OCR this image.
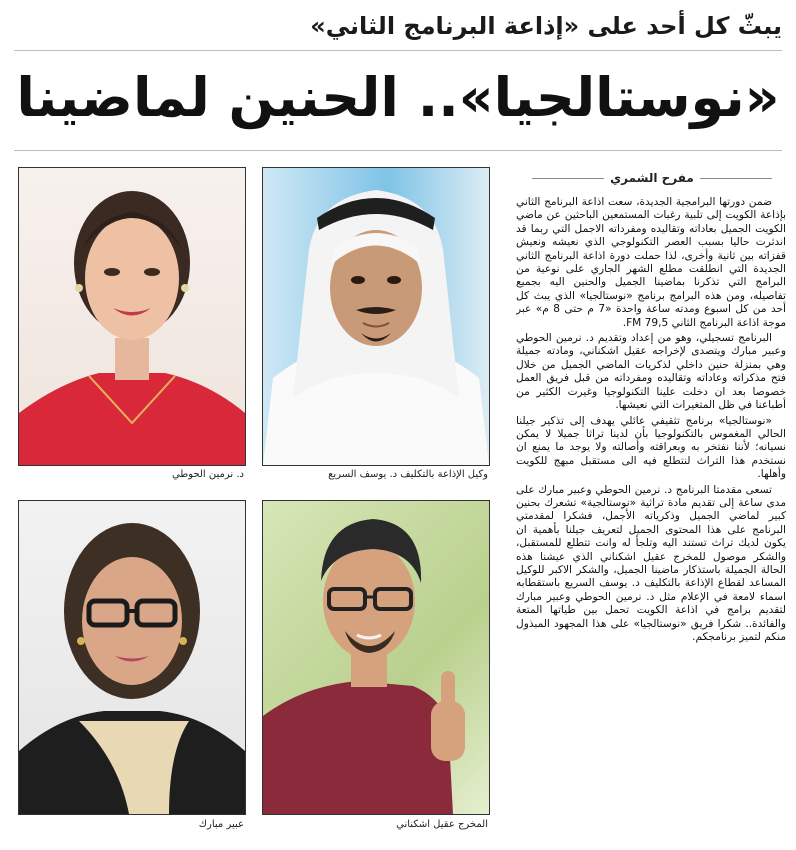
يبثّ كل أحد على «إذاعة البرنامج الثاني»
«نوستالجيا».. الحنين لماضينا
د. نرمين الحوطي	وكيل الإذاعة بالتكليف د. يوسف السريع
عبير مبارك	المخرج عقيل اشكناني
مفرح الشمري

ضمن دورتها البرامجية الجديدة، سعت اذاعة البرنامج الثاني بإذاعة الكويت إلى تلبية رغبات المستمعين الباحثين عن ماضي الكويت الجميل بعاداته وتقاليده ومفرداته الاجمل التي ربما قد اندثرت حاليا بسبب العصر التكنولوجي الذي نعيشه ونعيش قفزاته بين ثانية وأخرى، لذا حملت دورة اذاعة البرنامج الثاني الجديدة التي انطلقت مطلع الشهر الجاري على نوعية من البرامج التي تذكرنا بماضينا الجميل والحنين اليه بجميع تفاصيله، ومن هذه البرامج برنامج «نوستالجيا» الذي يبث كل أحد من كل اسبوع ومدته ساعة واحدة «7 م حتى 8 م» عبر موجة اذاعة البرنامج الثاني FM 79,5.

البرنامج تسجيلي، وهو من إعداد وتقديم د. نرمين الحوطي وعبير مبارك ويتصدى لإخراجه عقيل اشكناني، ومادته جميلة وهي بمنزلة حنين داخلي لذكريات الماضي الجميل من خلال فتح مذكراته وعاداته وتقاليده ومفرداته من قبل فريق العمل خصوصا بعد ان دخلت علينا التكنولوجيا وغيرت الكثير من أطباعنا في ظل المتغيرات التي نعيشها.

«نوستالجيا» برنامج تثقيفي عائلي يهدف إلى تذكير جيلنا الحالي المغموس بالتكنولوجيا بأن لدينا تراثا جميلا لا يمكن نسيانه؛ لأننا نفتخر به وبعراقته وأصالته ولا يوجد ما يمنع ان نستخدم هذا التراث لنتطلع فيه الى مستقبل مبهج للكويت وأهلها.

تسعى مقدمتا البرنامج د. نرمين الحوطي وعبير مبارك على مدى ساعة إلى تقديم مادة تراثية «نوستالجية» تشعرك بحنين كبير لماضي الجميل وذكرياته الأجمل، فشكرا لمقدمتي البرنامج على هذا المحتوى الجميل لتعريف جيلنا بأهمية ان يكون لديك تراث تستند اليه وتلجأ له وانت تتطلع للمستقبل، والشكر موصول للمخرج عقيل اشكناني الذي عيشنا هذه الحالة الجميلة باستذكار ماضينا الجميل، والشكر الاكبر للوكيل المساعد لقطاع الإذاعة بالتكليف د. يوسف السريع باستقطابه اسماء لامعة في الإعلام مثل د. نرمين الحوطي وعبير مبارك لتقديم برامج في اذاعة الكويت تحمل بين طياتها المتعة والفائدة.. شكرا فريق «نوستالجيا» على هذا المجهود المبذول منكم لتميز برنامجكم.
